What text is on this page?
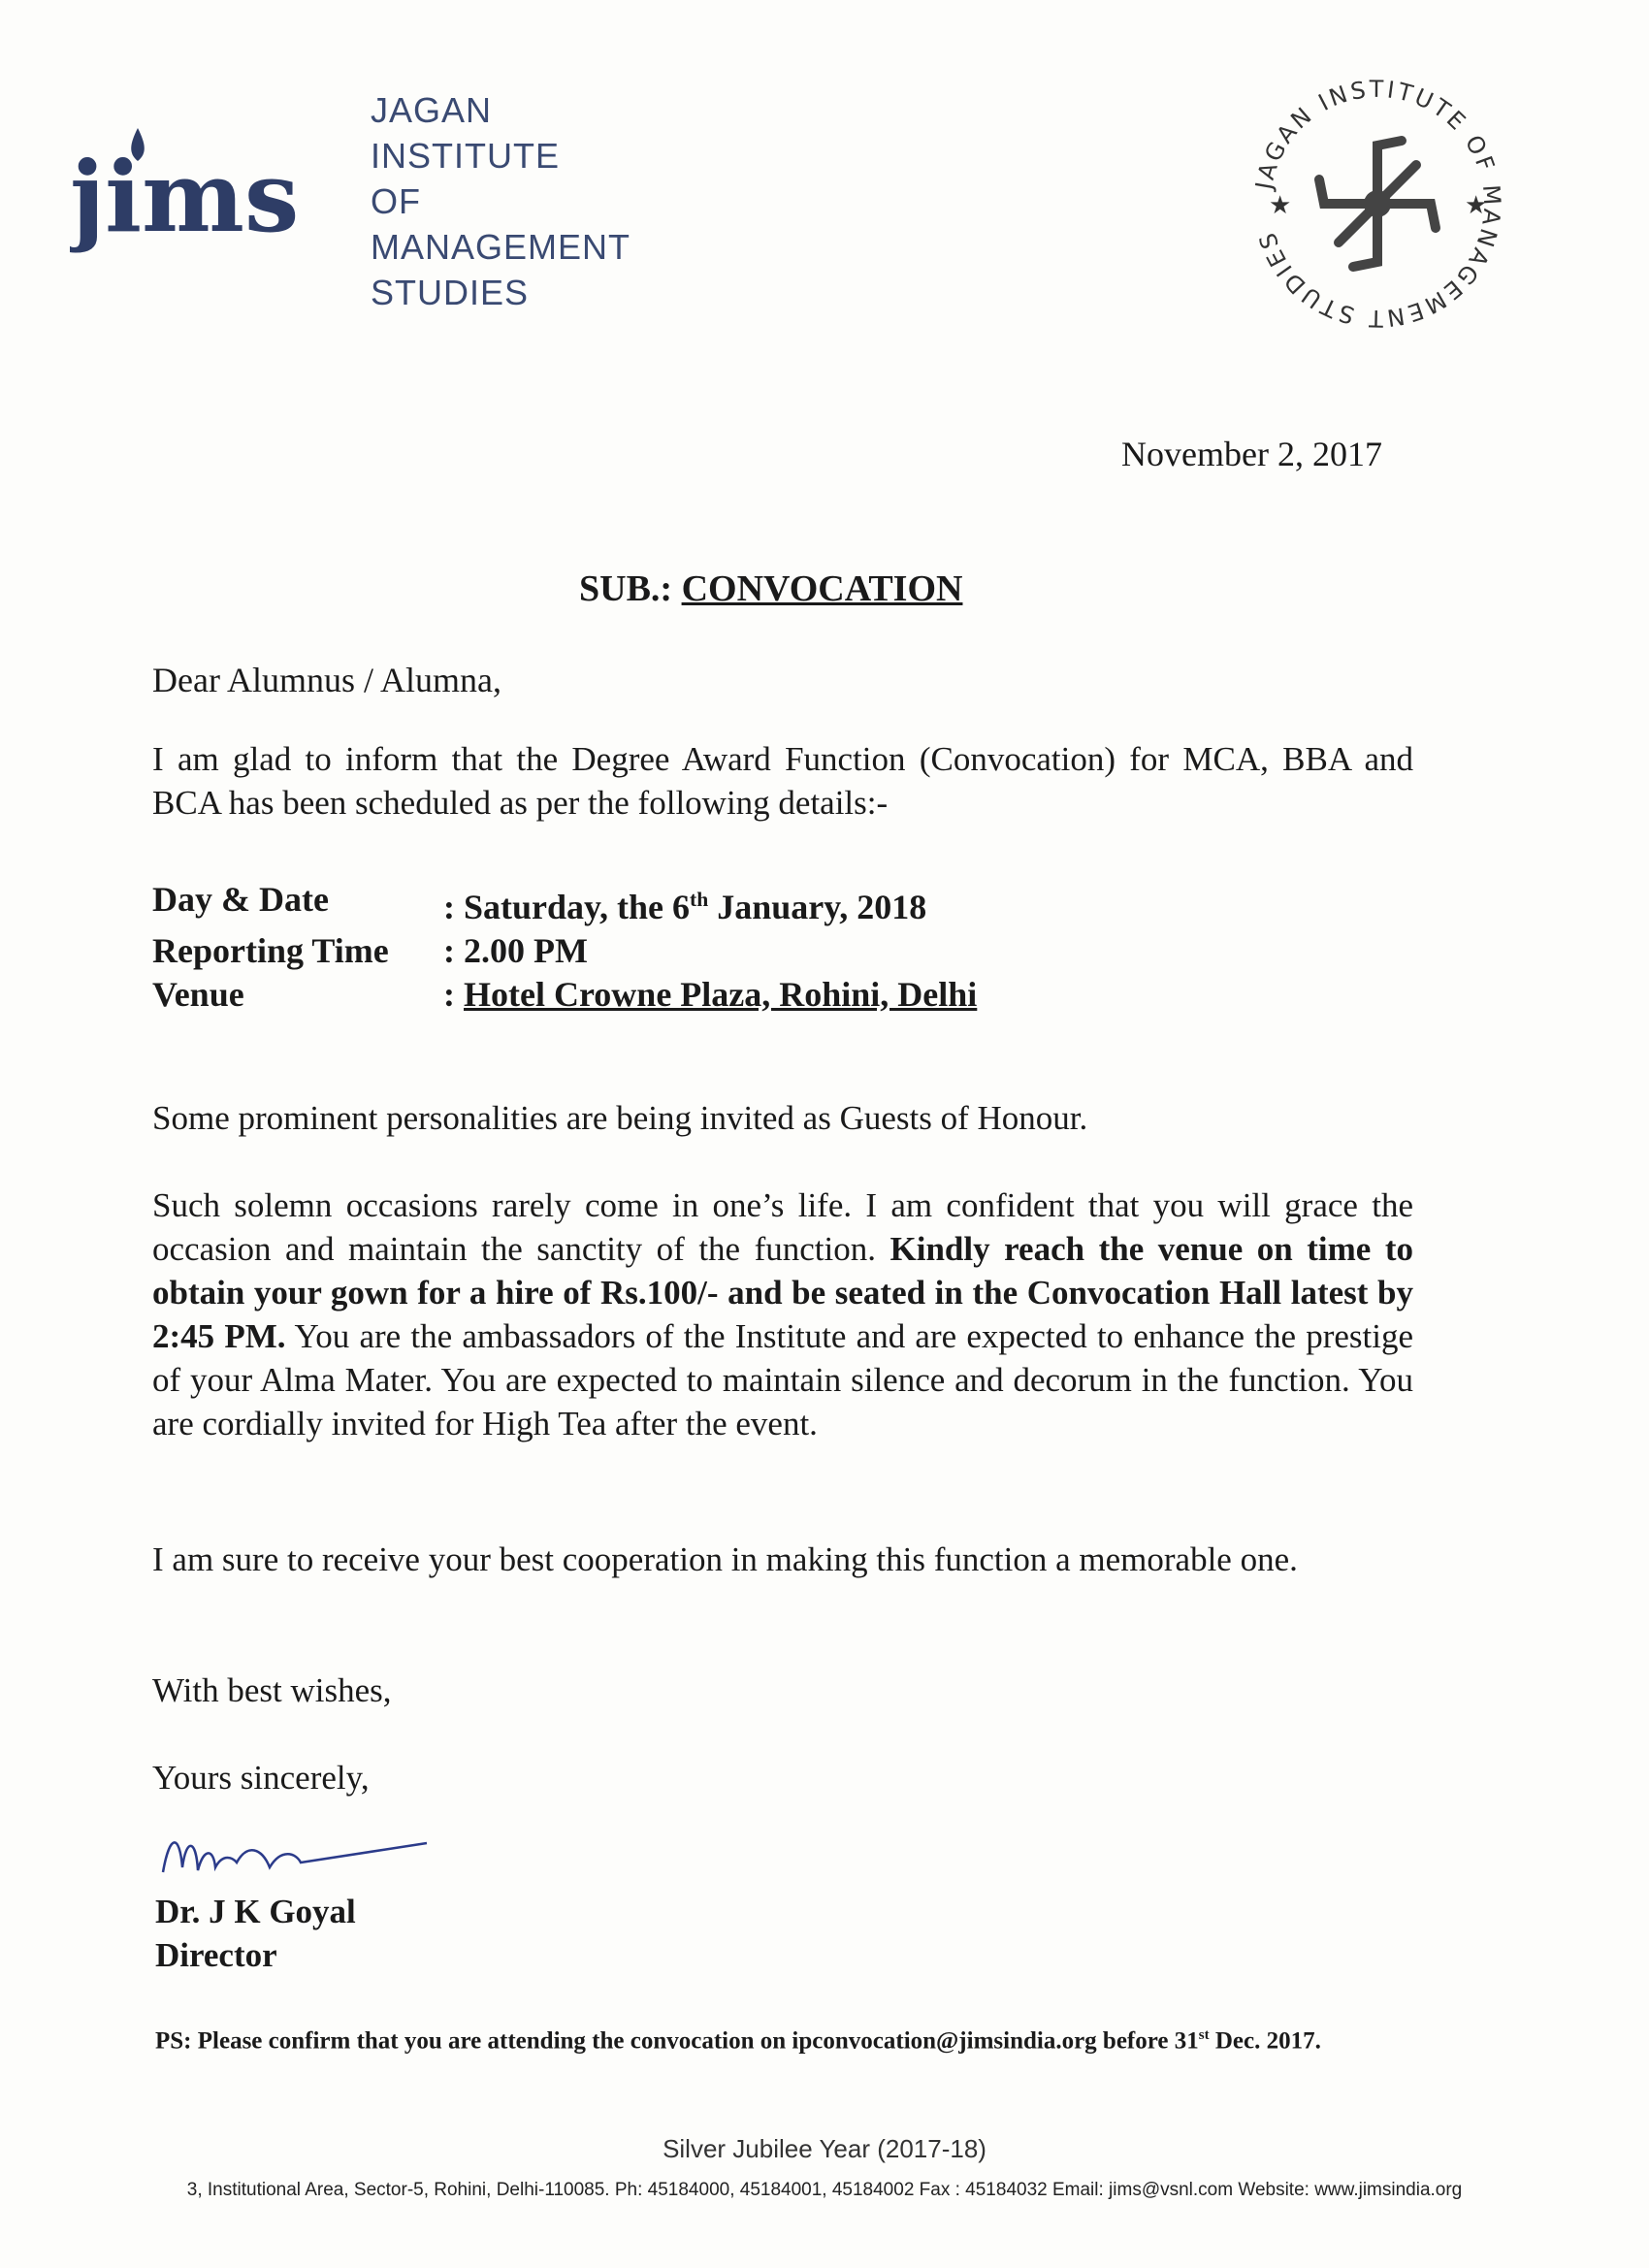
jims
JAGAN
INSTITUTE
OF
MANAGEMENT
STUDIES
JAGAN INSTITUTE OF MANAGEMENT STUDIES
★	★
November 2, 2017
SUB.: CONVOCATION
Dear Alumnus / Alumna,
I am glad to inform that the Degree Award Function (Convocation) for MCA, BBA and BCA has been scheduled as per the following details:-
Day & Date	: Saturday, the 6th January, 2018
Reporting Time	: 2.00 PM
Venue	: Hotel Crowne Plaza, Rohini, Delhi
Some prominent personalities are being invited as Guests of Honour.
Such solemn occasions rarely come in one’s life. I am confident that you will grace the occasion and maintain the sanctity of the function. Kindly reach the venue on time to obtain your gown for a hire of Rs.100/- and be seated in the Convocation Hall latest by 2:45 PM. You are the ambassadors of the Institute and are expected to enhance the prestige of your Alma Mater. You are expected to maintain silence and decorum in the function. You are cordially invited for High Tea after the event.
I am sure to receive your best cooperation in making this function a memorable one.
With best wishes,
Yours sincerely,
Dr. J K Goyal
Director
PS: Please confirm that you are attending the convocation on ipconvocation@jimsindia.org before 31st Dec. 2017.
Silver Jubilee Year (2017-18)
3, Institutional Area, Sector-5, Rohini, Delhi-110085. Ph: 45184000, 45184001, 45184002 Fax : 45184032 Email: jims@vsnl.com Website: www.jimsindia.org
